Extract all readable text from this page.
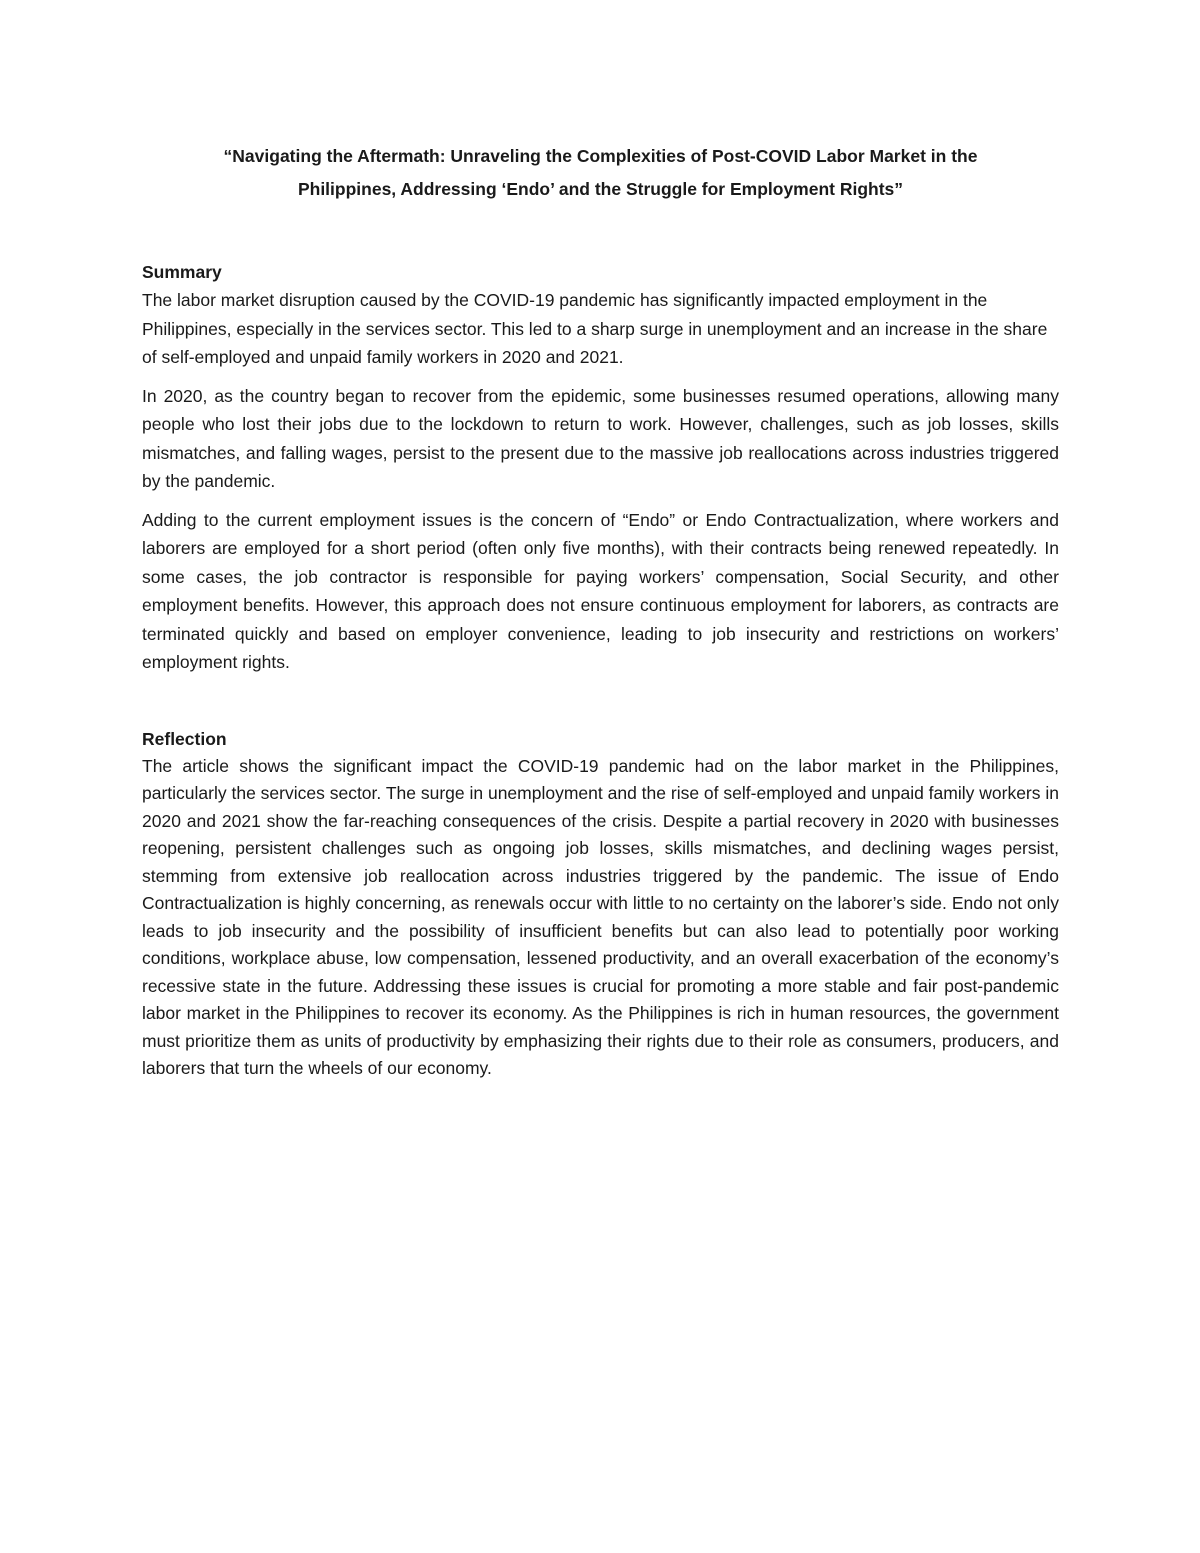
“Navigating the Aftermath: Unraveling the Complexities of Post-COVID Labor Market in the
Philippines, Addressing ‘Endo’ and the Struggle for Employment Rights”
Summary

The labor market disruption caused by the COVID-19 pandemic has significantly impacted employment in the Philippines, especially in the services sector. This led to a sharp surge in unemployment and an increase in the share of self-employed and unpaid family workers in 2020 and 2021.

In 2020, as the country began to recover from the epidemic, some businesses resumed operations, allowing many people who lost their jobs due to the lockdown to return to work. However, challenges, such as job losses, skills mismatches, and falling wages, persist to the present due to the massive job reallocations across industries triggered by the pandemic.

Adding to the current employment issues is the concern of “Endo” or Endo Contractualization, where workers and laborers are employed for a short period (often only five months), with their contracts being renewed repeatedly. In some cases, the job contractor is responsible for paying workers’ compensation, Social Security, and other employment benefits. However, this approach does not ensure continuous employment for laborers, as contracts are terminated quickly and based on employer convenience, leading to job insecurity and restrictions on workers’ employment rights.

Reflection

The article shows the significant impact the COVID-19 pandemic had on the labor market in the Philippines, particularly the services sector. The surge in unemployment and the rise of self-employed and unpaid family workers in 2020 and 2021 show the far-reaching consequences of the crisis. Despite a partial recovery in 2020 with businesses reopening, persistent challenges such as ongoing job losses, skills mismatches, and declining wages persist, stemming from extensive job reallocation across industries triggered by the pandemic. The issue of Endo Contractualization is highly concerning, as renewals occur with little to no certainty on the laborer’s side. Endo not only leads to job insecurity and the possibility of insufficient benefits but can also lead to potentially poor working conditions, workplace abuse, low compensation, lessened productivity, and an overall exacerbation of the economy’s recessive state in the future. Addressing these issues is crucial for promoting a more stable and fair post-pandemic labor market in the Philippines to recover its economy. As the Philippines is rich in human resources, the government must prioritize them as units of productivity by emphasizing their rights due to their role as consumers, producers, and laborers that turn the wheels of our economy.
